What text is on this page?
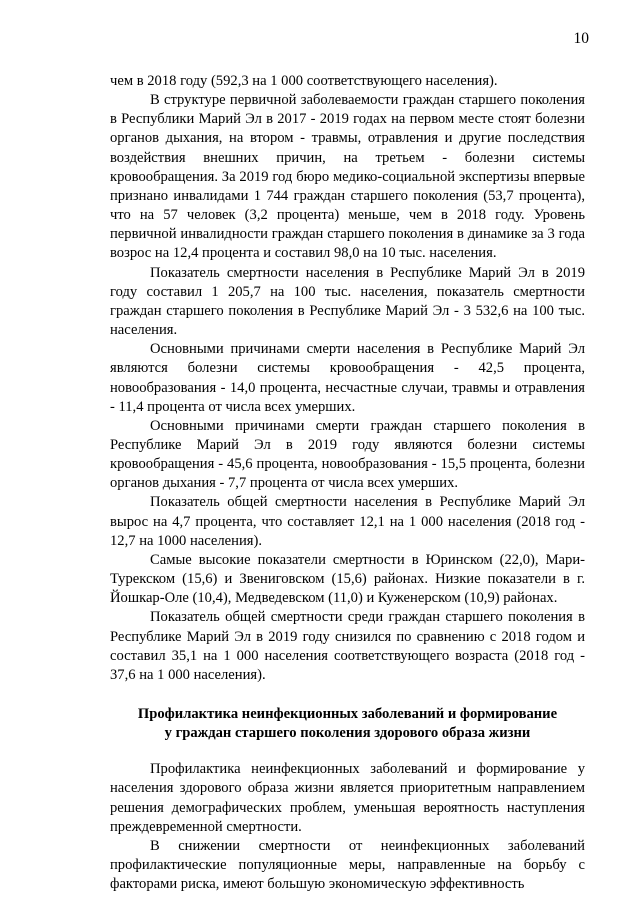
10

чем в 2018 году (592,3 на 1 000 соответствующего населения).

В структуре первичной заболеваемости граждан старшего поколения в Республики Марий Эл в 2017 - 2019 годах на первом месте стоят болезни органов дыхания, на втором - травмы, отравления и другие последствия воздействия внешних причин, на третьем - болезни системы кровообращения. За 2019 год бюро медико-социальной экспертизы впервые признано инвалидами 1 744 граждан старшего поколения (53,7 процента), что на 57 человек (3,2 процента) меньше, чем в 2018 году. Уровень первичной инвалидности граждан старшего поколения в динамике за 3 года возрос на 12,4 процента и составил 98,0 на 10 тыс. населения.

Показатель смертности населения в Республике Марий Эл в 2019 году составил 1 205,7 на 100 тыс. населения, показатель смертности граждан старшего поколения в Республике Марий Эл - 3 532,6 на 100 тыс. населения.

Основными причинами смерти населения в Республике Марий Эл являются болезни системы кровообращения - 42,5 процента, новообразования - 14,0 процента, несчастные случаи, травмы и отравления - 11,4 процента от числа всех умерших.

Основными причинами смерти граждан старшего поколения в Республике Марий Эл в 2019 году являются болезни системы кровообращения - 45,6 процента, новообразования - 15,5 процента, болезни органов дыхания - 7,7 процента от числа всех умерших.

Показатель общей смертности населения в Республике Марий Эл вырос на 4,7 процента, что составляет 12,1 на 1 000 населения (2018 год - 12,7 на 1000 населения).

Самые высокие показатели смертности в Юринском (22,0), Мари-Турекском (15,6) и Звениговском (15,6) районах. Низкие показатели в г. Йошкар-Оле (10,4), Медведевском (11,0) и Куженерском (10,9) районах.

Показатель общей смертности среди граждан старшего поколения в Республике Марий Эл в 2019 году снизился по сравнению с 2018 годом и составил 35,1 на 1 000 населения соответствующего возраста (2018 год - 37,6 на 1 000 населения).

Профилактика неинфекционных заболеваний и формирование
у граждан старшего поколения здорового образа жизни

Профилактика неинфекционных заболеваний и формирование у населения здорового образа жизни является приоритетным направлением решения демографических проблем, уменьшая вероятность наступления преждевременной смертности.

В снижении смертности от неинфекционных заболеваний профилактические популяционные меры, направленные на борьбу с факторами риска, имеют большую экономическую эффективность
